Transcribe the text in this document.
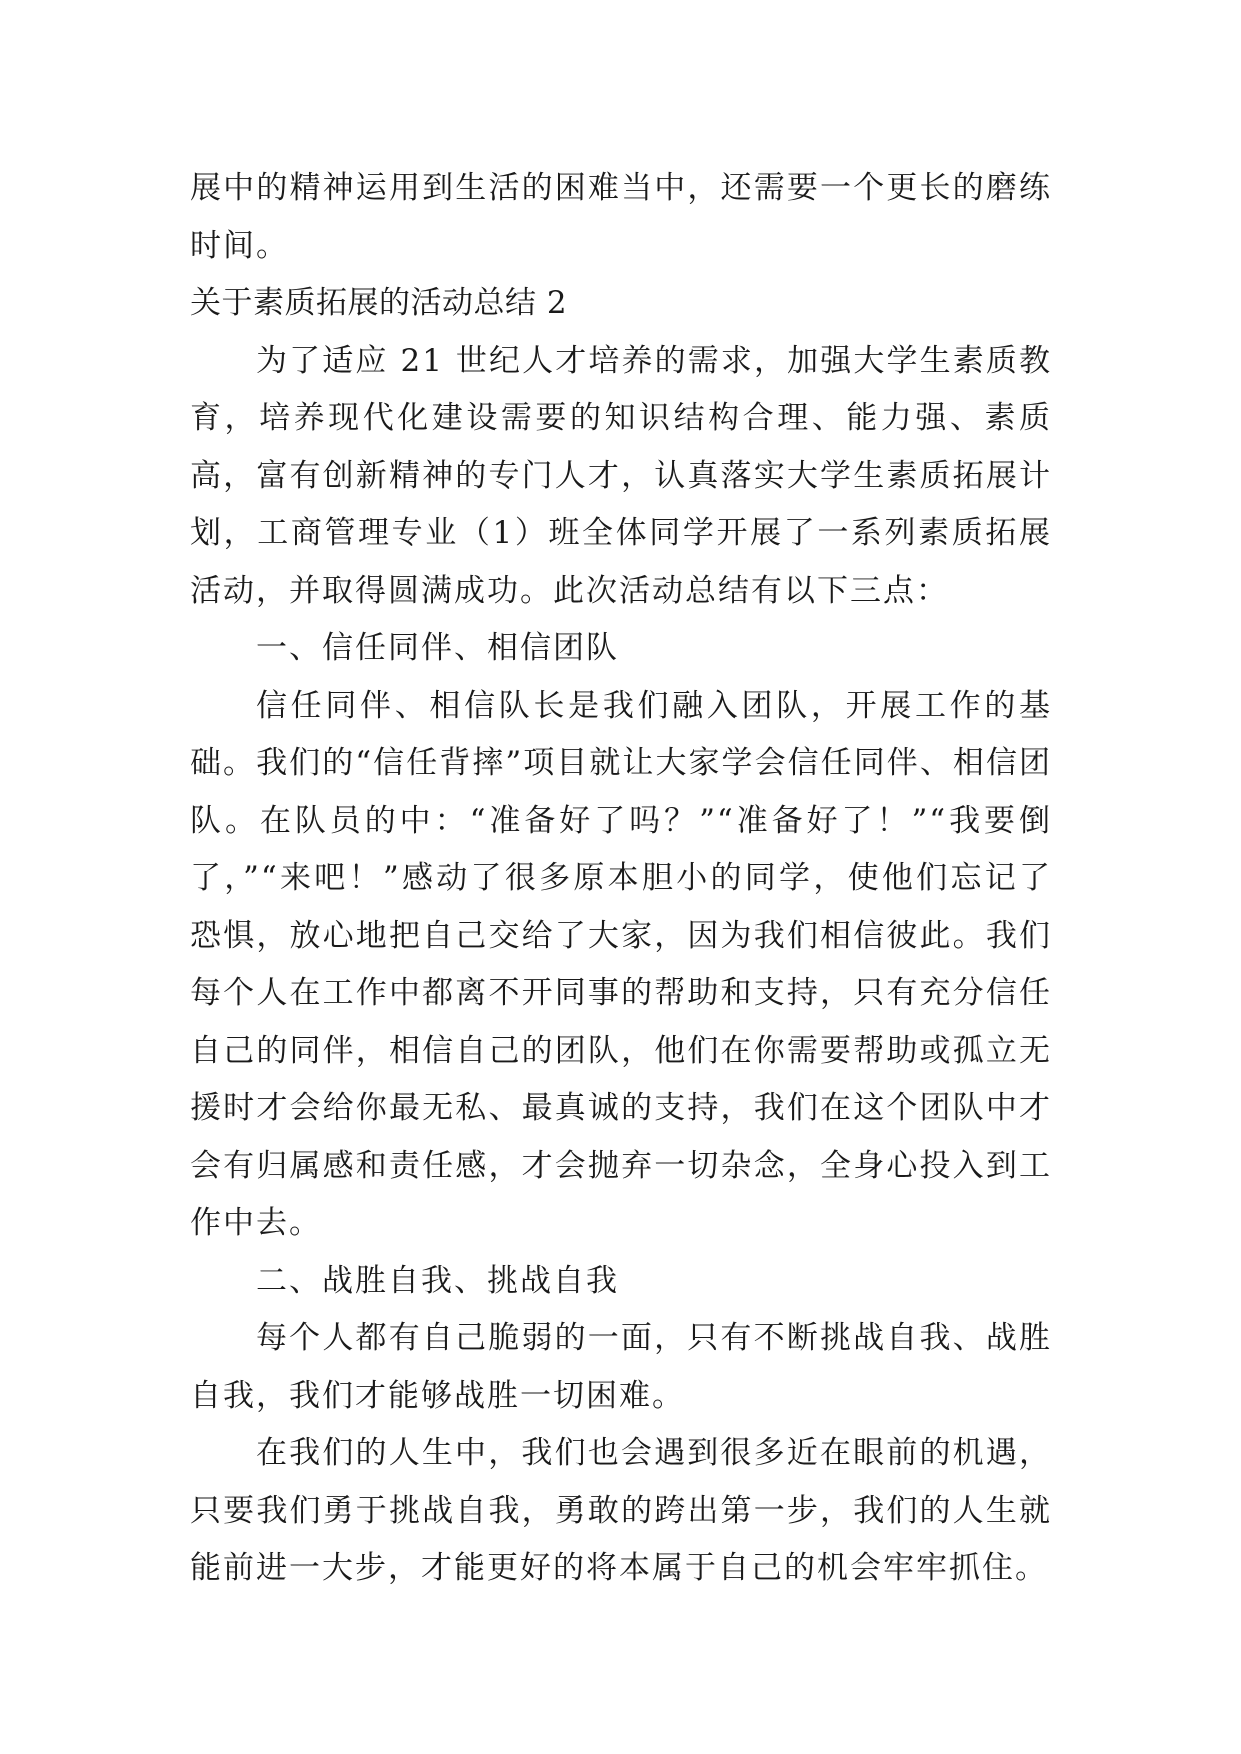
展中的精神运用到生活的困难当中，还需要一个更长的磨练时间。

关于素质拓展的活动总结 2

为了适应 21 世纪人才培养的需求，加强大学生素质教育，培养现代化建设需要的知识结构合理、能力强、素质高，富有创新精神的专门人才，认真落实大学生素质拓展计划，工商管理专业（1）班全体同学开展了一系列素质拓展活动，并取得圆满成功。此次活动总结有以下三点：

一、信任同伴、相信团队

信任同伴、相信队长是我们融入团队，开展工作的基础。我们的“信任背摔”项目就让大家学会信任同伴、相信团队。在队员的中：“准备好了吗？”“准备好了！”“我要倒了，”“来吧！”感动了很多原本胆小的同学，使他们忘记了恐惧，放心地把自己交给了大家，因为我们相信彼此。我们每个人在工作中都离不开同事的帮助和支持，只有充分信任自己的同伴，相信自己的团队，他们在你需要帮助或孤立无援时才会给你最无私、最真诚的支持，我们在这个团队中才会有归属感和责任感，才会抛弃一切杂念，全身心投入到工作中去。

二、战胜自我、挑战自我

每个人都有自己脆弱的一面，只有不断挑战自我、战胜自我，我们才能够战胜一切困难。

在我们的人生中，我们也会遇到很多近在眼前的机遇，只要我们勇于挑战自我，勇敢的跨出第一步，我们的人生就能前进一大步，才能更好的将本属于自己的机会牢牢抓住。
